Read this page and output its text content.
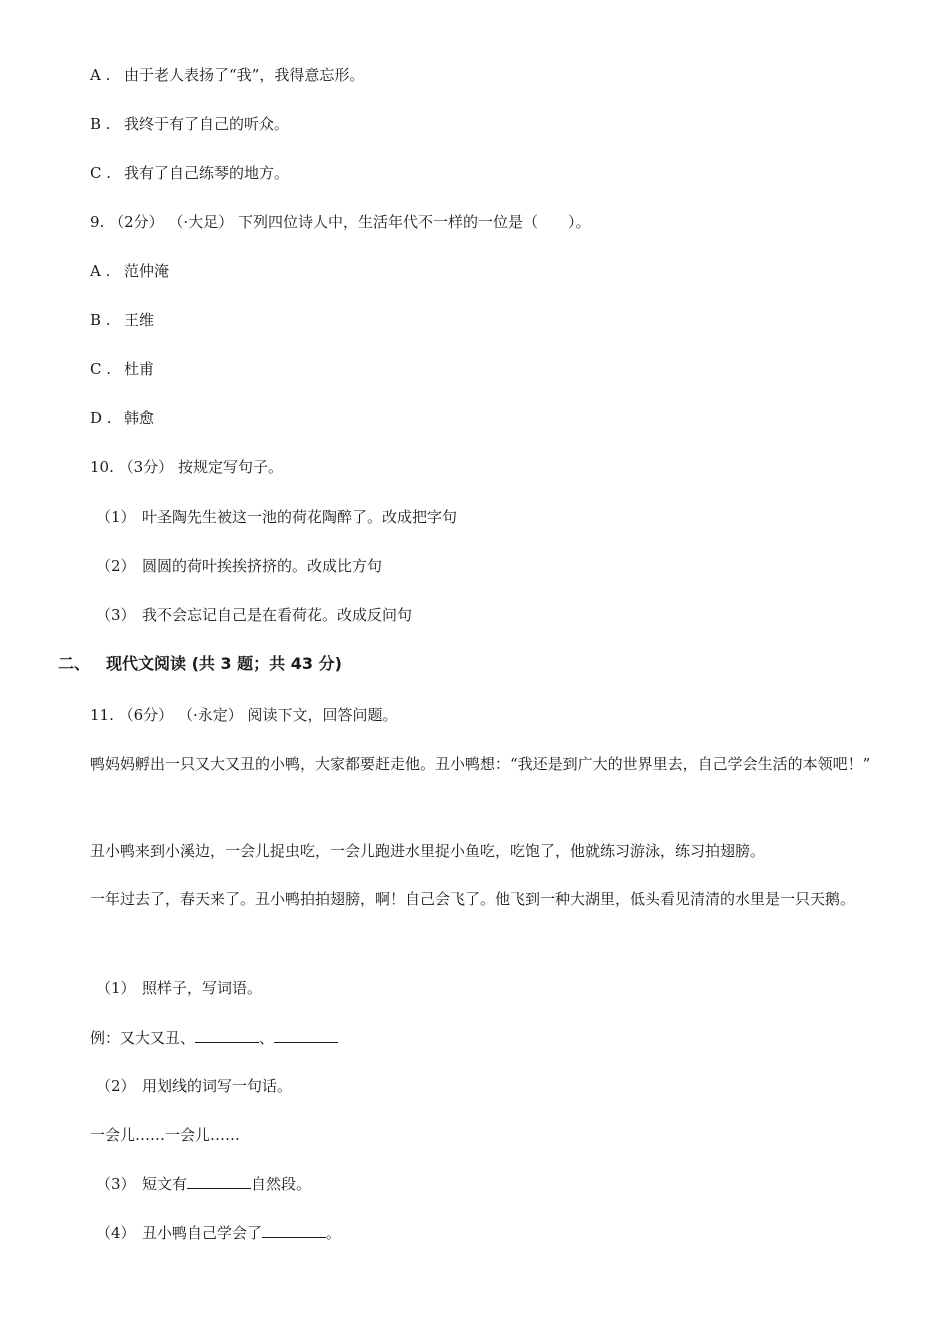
A . 由于老人表扬了“我”，我得意忘形。
B . 我终于有了自己的听众。
C . 我有了自己练琴的地方。
9. （2分） （·大足） 下列四位诗人中，生活年代不一样的一位是（　　）。
A . 范仲淹
B . 王维
C . 杜甫
D . 韩愈
10. （3分） 按规定写句子。
（1） 叶圣陶先生被这一池的荷花陶醉了。改成把字句
（2） 圆圆的荷叶挨挨挤挤的。改成比方句
（3） 我不会忘记自己是在看荷花。改成反问句
二、 现代文阅读 (共 3 题；共 43 分)
11. （6分） （·永定） 阅读下文，回答问题。
鸭妈妈孵出一只又大又丑的小鸭，大家都要赶走他。丑小鸭想：“我还是到广大的世界里去，自己学会生活的本领吧！”
丑小鸭来到小溪边，一会儿捉虫吃，一会儿跑进水里捉小鱼吃，吃饱了，他就练习游泳，练习拍翅膀。
一年过去了，春天来了。丑小鸭拍拍翅膀，啊！自己会飞了。他飞到一种大湖里，低头看见清清的水里是一只天鹅。
（1） 照样子，写词语。
例：又大又丑、	、
（2） 用划线的词写一句话。
一会儿……一会儿……
（3） 短文有	自然段。
（4） 丑小鸭自己学会了	。
